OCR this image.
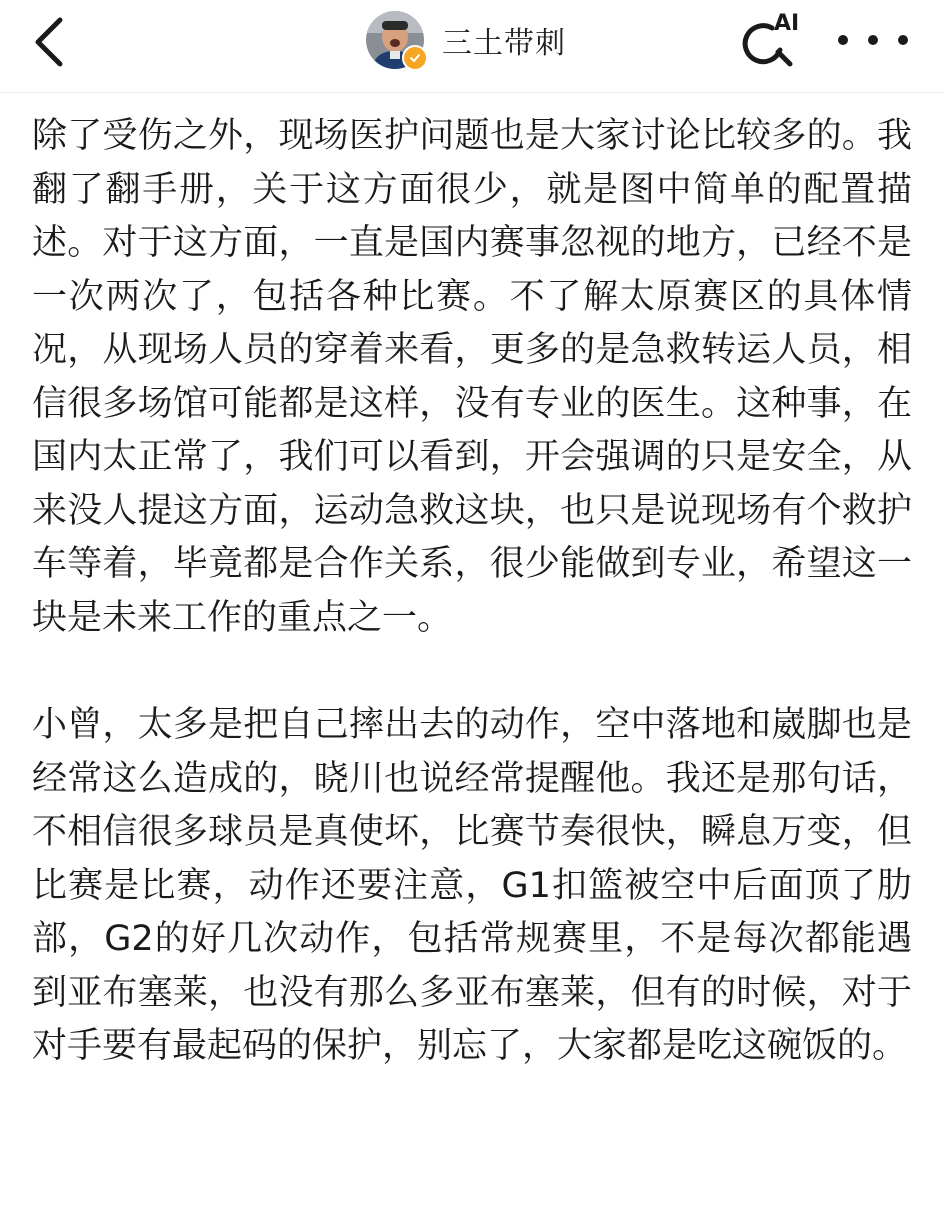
三土带刺
AI

除了受伤之外，现场医护问题也是大家讨论比较多的。我翻了翻手册，关于这方面很少，就是图中简单的配置描述。对于这方面，一直是国内赛事忽视的地方，已经不是一次两次了，包括各种比赛。不了解太原赛区的具体情况，从现场人员的穿着来看，更多的是急救转运人员，相信很多场馆可能都是这样，没有专业的医生。这种事，在国内太正常了，我们可以看到，开会强调的只是安全，从来没人提这方面，运动急救这块，也只是说现场有个救护车等着，毕竟都是合作关系，很少能做到专业，希望这一块是未来工作的重点之一。

小曾，太多是把自己摔出去的动作，空中落地和崴脚也是经常这么造成的，晓川也说经常提醒他。我还是那句话，不相信很多球员是真使坏，比赛节奏很快，瞬息万变，但比赛是比赛，动作还要注意，G1扣篮被空中后面顶了肋部，G2的好几次动作，包括常规赛里，不是每次都能遇到亚布塞莱，也没有那么多亚布塞莱，但有的时候，对于对手要有最起码的保护，别忘了，大家都是吃这碗饭的。
